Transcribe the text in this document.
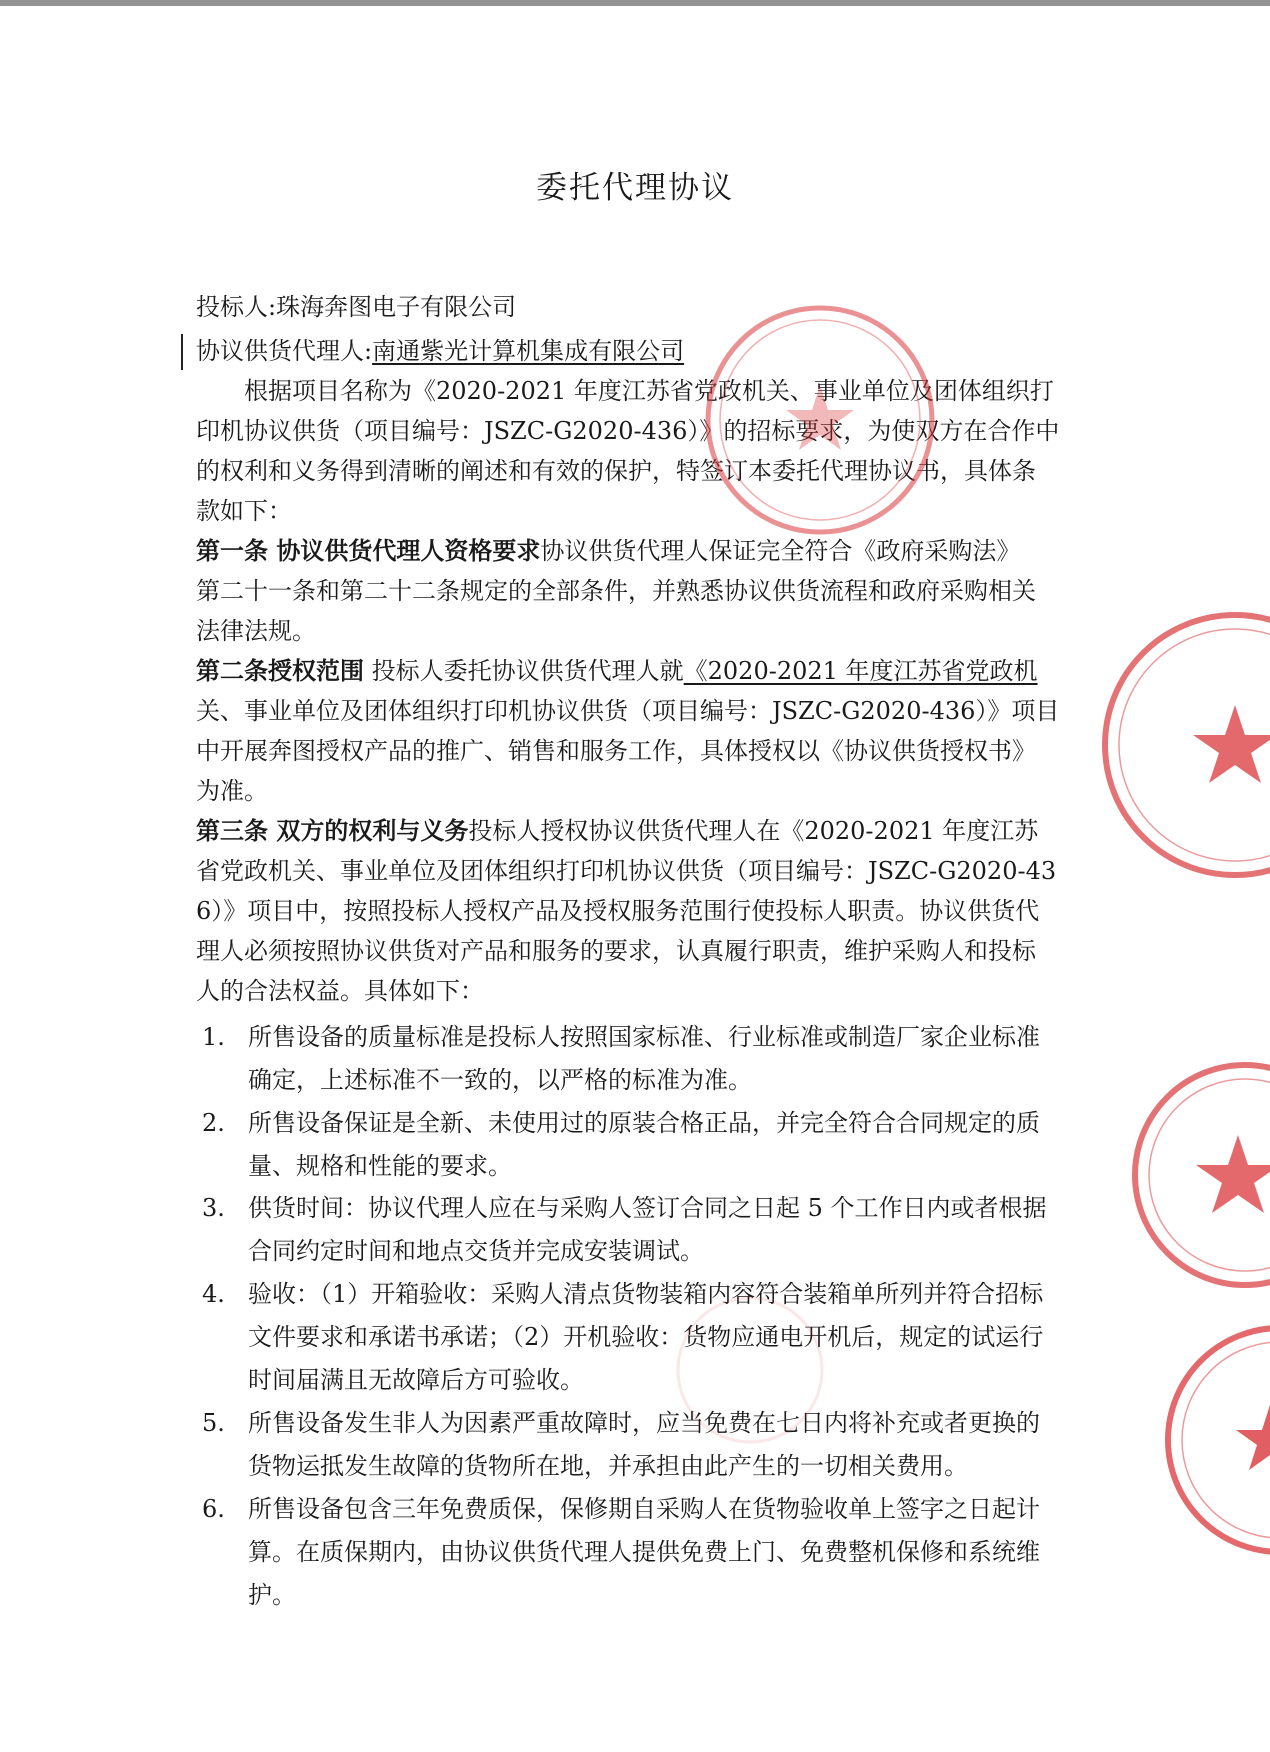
委托代理协议
投标人:珠海奔图电子有限公司
协议供货代理人:南通紫光计算机集成有限公司
根据项目名称为《2020-2021 年度江苏省党政机关、事业单位及团体组织打
印机协议供货（项目编号：JSZC-G2020-436）》的招标要求，为使双方在合作中
的权利和义务得到清晰的阐述和有效的保护，特签订本委托代理协议书，具体条
款如下：
第一条 协议供货代理人资格要求协议供货代理人保证完全符合《政府采购法》
第二十一条和第二十二条规定的全部条件，并熟悉协议供货流程和政府采购相关
法律法规。
第二条授权范围 投标人委托协议供货代理人就《2020-2021 年度江苏省党政机
关、事业单位及团体组织打印机协议供货（项目编号：JSZC-G2020-436）》项目
中开展奔图授权产品的推广、销售和服务工作，具体授权以《协议供货授权书》
为准。
第三条 双方的权利与义务投标人授权协议供货代理人在《2020-2021 年度江苏
省党政机关、事业单位及团体组织打印机协议供货（项目编号：JSZC-G2020-43
6）》项目中，按照投标人授权产品及授权服务范围行使投标人职责。协议供货代
理人必须按照协议供货对产品和服务的要求，认真履行职责，维护采购人和投标
人的合法权益。具体如下：
1. 所售设备的质量标准是投标人按照国家标准、行业标准或制造厂家企业标准
确定，上述标准不一致的，以严格的标准为准。
2. 所售设备保证是全新、未使用过的原装合格正品，并完全符合合同规定的质
量、规格和性能的要求。
3. 供货时间：协议代理人应在与采购人签订合同之日起 5 个工作日内或者根据
合同约定时间和地点交货并完成安装调试。
4. 验收：（1）开箱验收：采购人清点货物装箱内容符合装箱单所列并符合招标
文件要求和承诺书承诺；（2）开机验收：货物应通电开机后，规定的试运行
时间届满且无故障后方可验收。
5. 所售设备发生非人为因素严重故障时，应当免费在七日内将补充或者更换的
货物运抵发生故障的货物所在地，并承担由此产生的一切相关费用。
6. 所售设备包含三年免费质保，保修期自采购人在货物验收单上签字之日起计
算。在质保期内，由协议供货代理人提供免费上门、免费整机保修和系统维
护。
